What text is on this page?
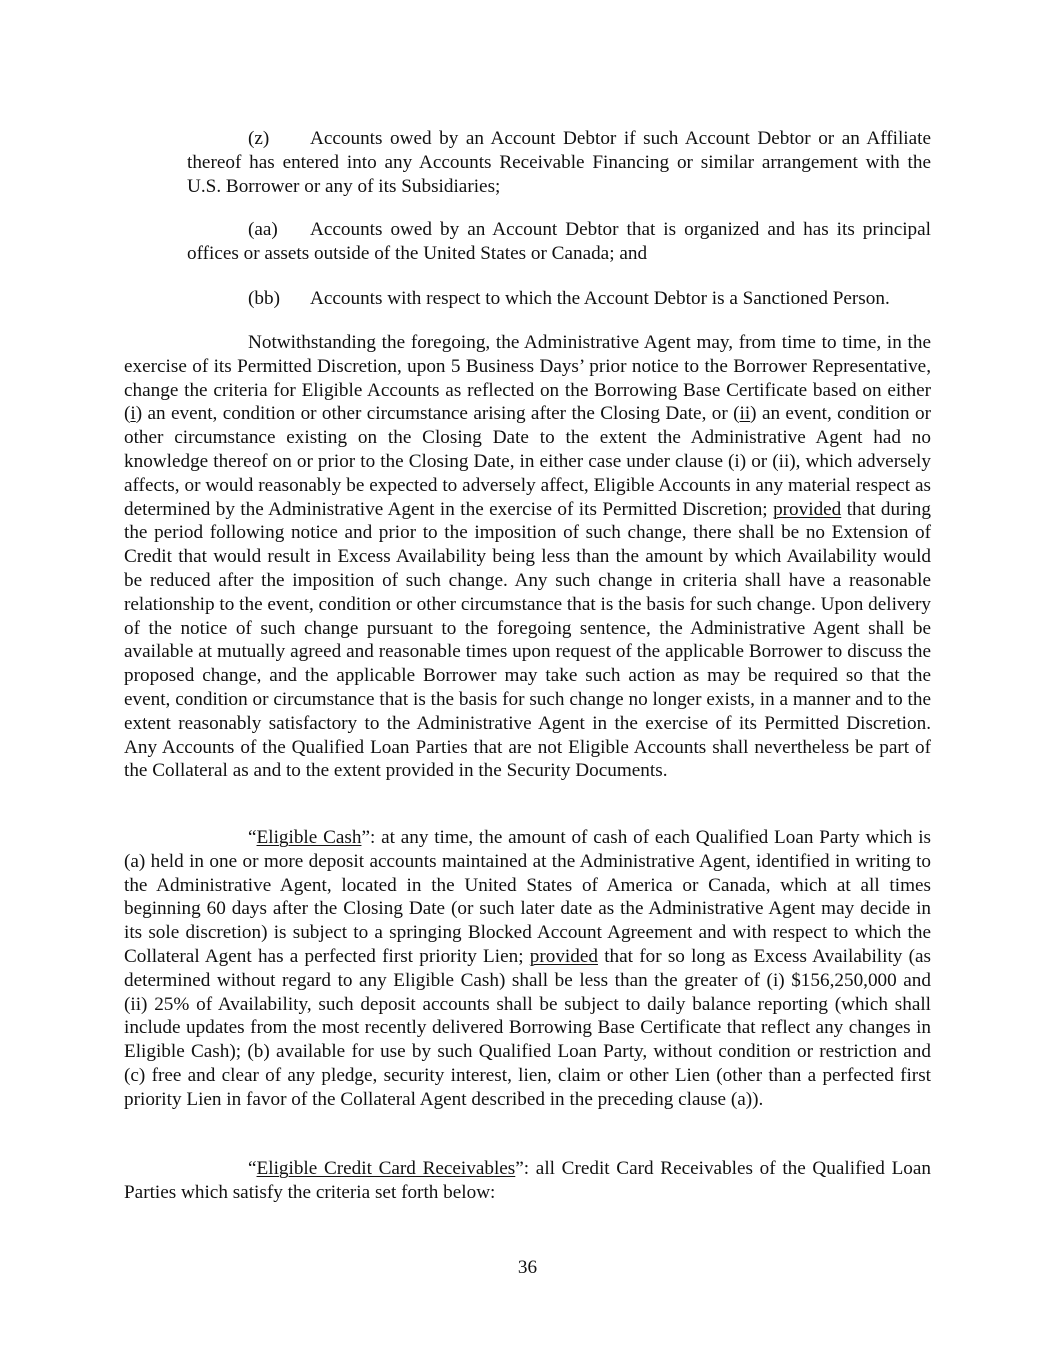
(z) Accounts owed by an Account Debtor if such Account Debtor or an Affiliate thereof has entered into any Accounts Receivable Financing or similar arrangement with the U.S. Borrower or any of its Subsidiaries;

(aa) Accounts owed by an Account Debtor that is organized and has its principal offices or assets outside of the United States or Canada; and

(bb) Accounts with respect to which the Account Debtor is a Sanctioned Person.

Notwithstanding the foregoing, the Administrative Agent may, from time to time, in the exercise of its Permitted Discretion, upon 5 Business Days’ prior notice to the Borrower Representative, change the criteria for Eligible Accounts as reflected on the Borrowing Base Certificate based on either (i) an event, condition or other circumstance arising after the Closing Date, or (ii) an event, condition or other circumstance existing on the Closing Date to the extent the Administrative Agent had no knowledge thereof on or prior to the Closing Date, in either case under clause (i) or (ii), which adversely affects, or would reasonably be expected to adversely affect, Eligible Accounts in any material respect as determined by the Administrative Agent in the exercise of its Permitted Discretion; provided that during the period following notice and prior to the imposition of such change, there shall be no Extension of Credit that would result in Excess Availability being less than the amount by which Availability would be reduced after the imposition of such change. Any such change in criteria shall have a reasonable relationship to the event, condition or other circumstance that is the basis for such change. Upon delivery of the notice of such change pursuant to the foregoing sentence, the Administrative Agent shall be available at mutually agreed and reasonable times upon request of the applicable Borrower to discuss the proposed change, and the applicable Borrower may take such action as may be required so that the event, condition or circumstance that is the basis for such change no longer exists, in a manner and to the extent reasonably satisfactory to the Administrative Agent in the exercise of its Permitted Discretion. Any Accounts of the Qualified Loan Parties that are not Eligible Accounts shall nevertheless be part of the Collateral as and to the extent provided in the Security Documents.

“Eligible Cash”: at any time, the amount of cash of each Qualified Loan Party which is (a) held in one or more deposit accounts maintained at the Administrative Agent, identified in writing to the Administrative Agent, located in the United States of America or Canada, which at all times beginning 60 days after the Closing Date (or such later date as the Administrative Agent may decide in its sole discretion) is subject to a springing Blocked Account Agreement and with respect to which the Collateral Agent has a perfected first priority Lien; provided that for so long as Excess Availability (as determined without regard to any Eligible Cash) shall be less than the greater of (i) $156,250,000 and (ii) 25% of Availability, such deposit accounts shall be subject to daily balance reporting (which shall include updates from the most recently delivered Borrowing Base Certificate that reflect any changes in Eligible Cash); (b) available for use by such Qualified Loan Party, without condition or restriction and (c) free and clear of any pledge, security interest, lien, claim or other Lien (other than a perfected first priority Lien in favor of the Collateral Agent described in the preceding clause (a)).

“Eligible Credit Card Receivables”: all Credit Card Receivables of the Qualified Loan Parties which satisfy the criteria set forth below:

36
